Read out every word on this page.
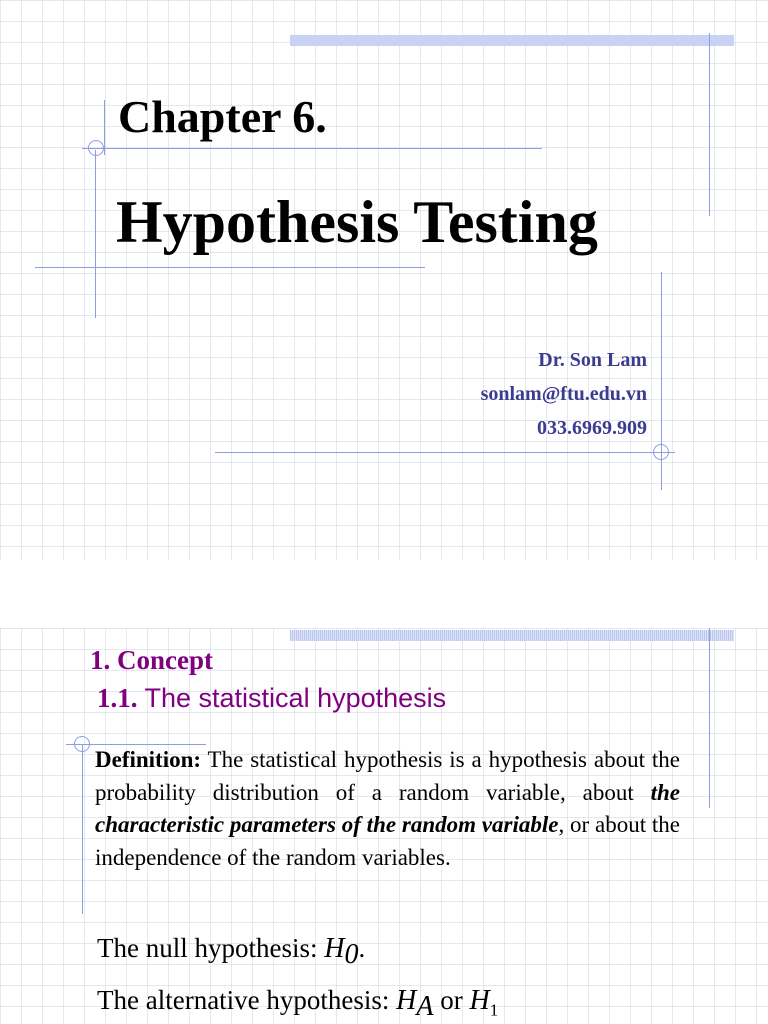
Chapter 6.
Hypothesis Testing
Dr. Son Lam
sonlam@ftu.edu.vn
033.6969.909
1. Concept
1.1. The statistical hypothesis
Definition: The statistical hypothesis is a hypothesis about the probability distribution of a random variable, about the characteristic parameters of the random variable, or about the independence of the random variables.
The null hypothesis: $H_0$.
The alternative hypothesis: $H_A$ or $H_1$
